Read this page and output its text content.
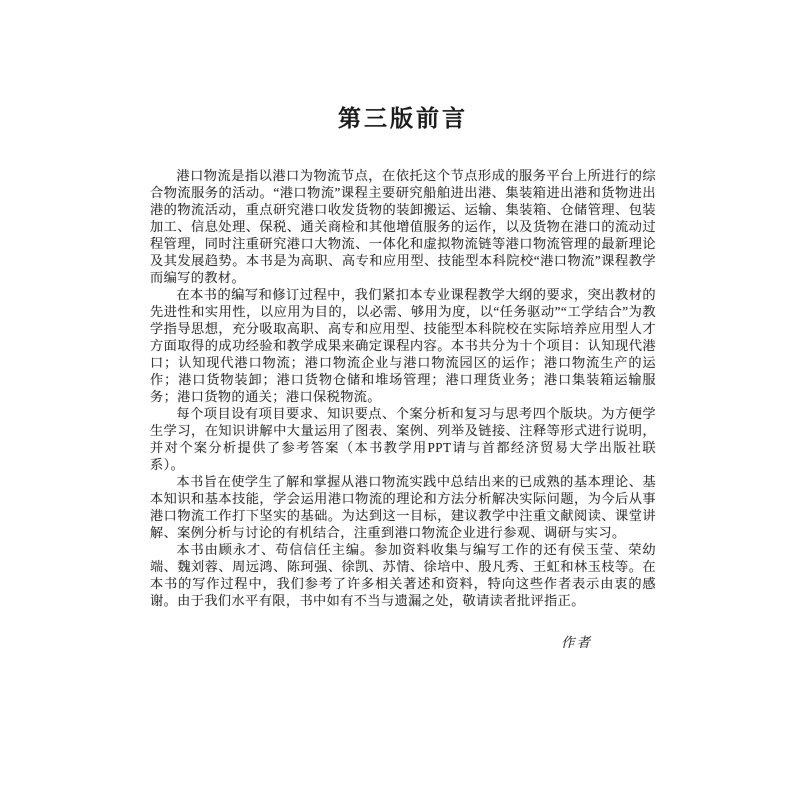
第三版前言

港口物流是指以港口为物流节点，在依托这个节点形成的服务平台上所进行的综合物流服务的活动。“港口物流”课程主要研究船舶进出港、集装箱进出港和货物进出港的物流活动，重点研究港口收发货物的装卸搬运、运输、集装箱、仓储管理、包装加工、信息处理、保税、通关商检和其他增值服务的运作，以及货物在港口的流动过程管理，同时注重研究港口大物流、一体化和虚拟物流链等港口物流管理的最新理论及其发展趋势。本书是为高职、高专和应用型、技能型本科院校“港口物流”课程教学而编写的教材。

在本书的编写和修订过程中，我们紧扣本专业课程教学大纲的要求，突出教材的先进性和实用性，以应用为目的，以必需、够用为度，以“任务驱动”“工学结合”为教学指导思想，充分吸取高职、高专和应用型、技能型本科院校在实际培养应用型人才方面取得的成功经验和教学成果来确定课程内容。本书共分为十个项目：认知现代港口；认知现代港口物流；港口物流企业与港口物流园区的运作；港口物流生产的运作；港口货物装卸；港口货物仓储和堆场管理；港口理货业务；港口集装箱运输服务；港口货物的通关；港口保税物流。

每个项目设有项目要求、知识要点、个案分析和复习与思考四个版块。为方便学生学习，在知识讲解中大量运用了图表、案例、列举及链接、注释等形式进行说明，并对个案分析提供了参考答案（本书教学用PPT请与首都经济贸易大学出版社联系）。

本书旨在使学生了解和掌握从港口物流实践中总结出来的已成熟的基本理论、基本知识和基本技能，学会运用港口物流的理论和方法分析解决实际问题，为今后从事港口物流工作打下坚实的基础。为达到这一目标，建议教学中注重文献阅读、课堂讲解、案例分析与讨论的有机结合，注重到港口物流企业进行参观、调研与实习。

本书由顾永才、苟信信任主编。参加资料收集与编写工作的还有侯玉莹、荣幼端、魏刘蓉、周远鸿、陈珂强、徐凯、苏情、徐培中、殷凡秀、王虹和林玉枝等。在本书的写作过程中，我们参考了许多相关著述和资料，特向这些作者表示由衷的感谢。由于我们水平有限，书中如有不当与遗漏之处，敬请读者批评指正。

作者
